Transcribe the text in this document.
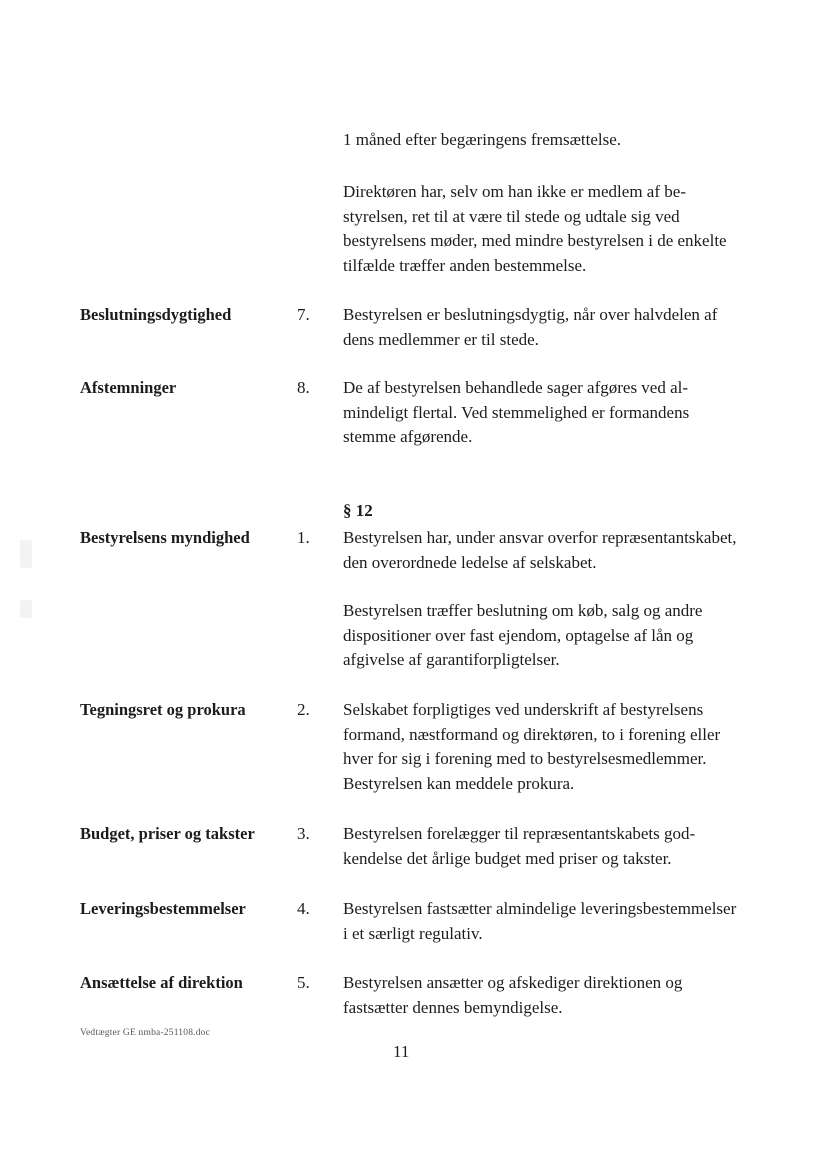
1 måned efter begæringens fremsættelse.
Direktøren har, selv om han ikke er medlem af bestyrelsen, ret til at være til stede og udtale sig ved bestyrelsens møder, med mindre bestyrelsen i de enkelte tilfælde træffer anden bestemmelse.
Beslutningsdygtighed	7.	Bestyrelsen er beslutningsdygtig, når over halvdelen af dens medlemmer er til stede.
Afstemninger	8.	De af bestyrelsen behandlede sager afgøres ved almindeligt flertal. Ved stemmelighed er formandens stemme afgørende.
§ 12
Bestyrelsens myndighed	1.	Bestyrelsen har, under ansvar overfor repræsentantskabet, den overordnede ledelse af selskabet.
Bestyrelsen træffer beslutning om køb, salg og andre dispositioner over fast ejendom, optagelse af lån og afgivelse af garantiforpligtelser.
Tegningsret og prokura	2.	Selskabet forpligtiges ved underskrift af bestyrelsens formand, næstformand og direktøren, to i forening eller hver for sig i forening med to bestyrelsesmedlemmer. Bestyrelsen kan meddele prokura.
Budget, priser og takster	3.	Bestyrelsen forelægger til repræsentantskabets godkendelse det årlige budget med priser og takster.
Leveringsbestemmelser	4.	Bestyrelsen fastsætter almindelige leveringsbestemmelser i et særligt regulativ.
Ansættelse af direktion	5.	Bestyrelsen ansætter og afskediger direktionen og fastsætter dennes bemyndigelse.
Vedtægter GE nmba-251108.doc
11
